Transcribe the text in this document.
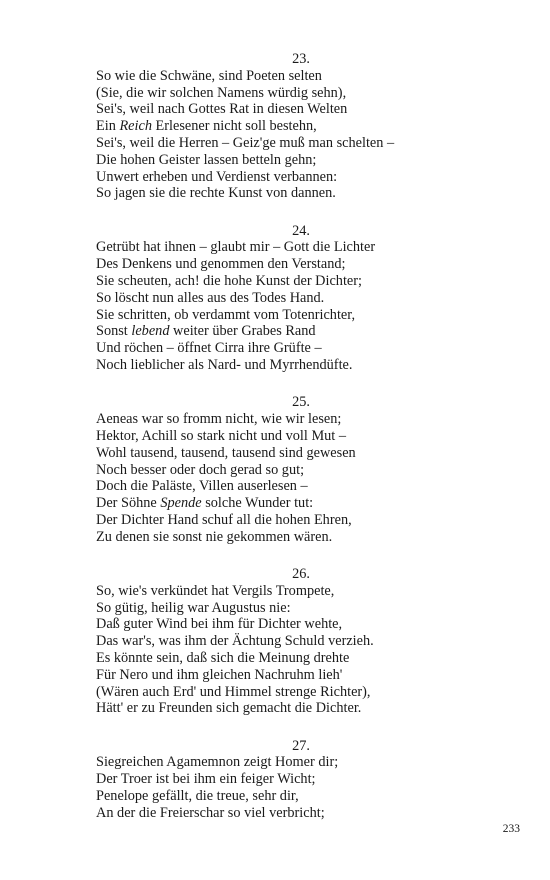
23.
So wie die Schwäne, sind Poeten selten
(Sie, die wir solchen Namens würdig sehn),
Sei's, weil nach Gottes Rat in diesen Welten
Ein Reich Erlesener nicht soll bestehn,
Sei's, weil die Herren – Geiz'ge muß man schelten –
Die hohen Geister lassen betteln gehn;
Unwert erheben und Verdienst verbannen:
So jagen sie die rechte Kunst von dannen.
24.
Getrübt hat ihnen – glaubt mir – Gott die Lichter
Des Denkens und genommen den Verstand;
Sie scheuten, ach! die hohe Kunst der Dichter;
So löscht nun alles aus des Todes Hand.
Sie schritten, ob verdammt vom Totenrichter,
Sonst lebend weiter über Grabes Rand
Und röchen – öffnet Cirra ihre Grüfte –
Noch lieblicher als Nard- und Myrrhendüfte.
25.
Aeneas war so fromm nicht, wie wir lesen;
Hektor, Achill so stark nicht und voll Mut –
Wohl tausend, tausend, tausend sind gewesen
Noch besser oder doch gerad so gut;
Doch die Paläste, Villen auserlesen –
Der Söhne Spende solche Wunder tut:
Der Dichter Hand schuf all die hohen Ehren,
Zu denen sie sonst nie gekommen wären.
26.
So, wie's verkündet hat Vergils Trompete,
So gütig, heilig war Augustus nie:
Daß guter Wind bei ihm für Dichter wehte,
Das war's, was ihm der Ächtung Schuld verzieh.
Es könnte sein, daß sich die Meinung drehte
Für Nero und ihm gleichen Nachruhm lieh'
(Wären auch Erd' und Himmel strenge Richter),
Hätt' er zu Freunden sich gemacht die Dichter.
27.
Siegreichen Agamemnon zeigt Homer dir;
Der Troer ist bei ihm ein feiger Wicht;
Penelope gefällt, die treue, sehr dir,
An der die Freierschar so viel verbricht;
233
